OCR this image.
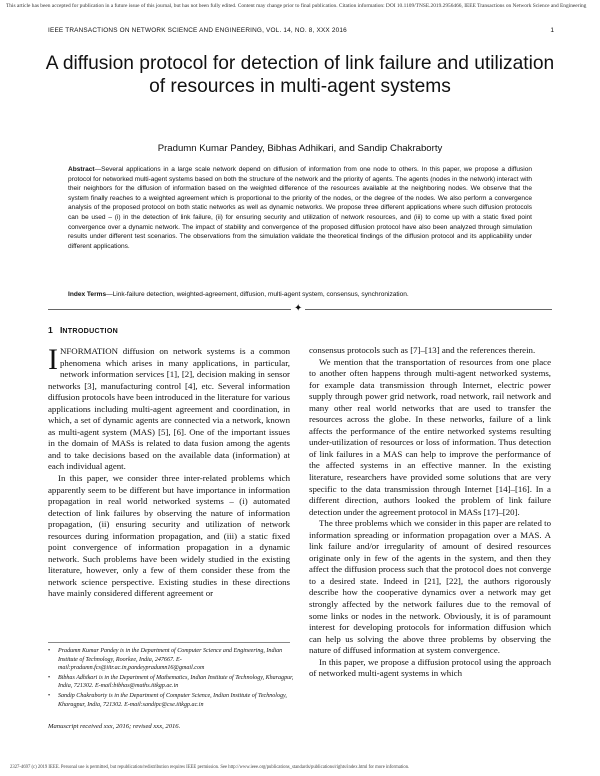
This article has been accepted for publication in a future issue of this journal, but has not been fully edited. Content may change prior to final publication. Citation information: DOI 10.1109/TNSE.2019.2956466, IEEE Transactions on Network Science and Engineering
IEEE TRANSACTIONS ON NETWORK SCIENCE AND ENGINEERING, VOL. 14, NO. 8, XXX 2016	1
A diffusion protocol for detection of link failure and utilization of resources in multi-agent systems
Pradumn Kumar Pandey, Bibhas Adhikari, and Sandip Chakraborty
Abstract—Several applications in a large scale network depend on diffusion of information from one node to others. In this paper, we propose a diffusion protocol for networked multi-agent systems based on both the structure of the network and the priority of agents. The agents (nodes in the network) interact with their neighbors for the diffusion of information based on the weighted difference of the resources available at the neighboring nodes. We observe that the system finally reaches to a weighted agreement which is proportional to the priority of the nodes, or the degree of the nodes. We also perform a convergence analysis of the proposed protocol on both static networks as well as dynamic networks. We propose three different applications where such diffusion protocols can be used – (i) in the detection of link failure, (ii) for ensuring security and utilization of network resources, and (iii) to come up with a static fixed point convergence over a dynamic network. The impact of stability and convergence of the proposed diffusion protocol have also been analyzed through simulation results under different test scenarios. The observations from the simulation validate the theoretical findings of the diffusion protocol and its applicability under different applications.
Index Terms—Link-failure detection, weighted-agreement, diffusion, multi-agent system, consensus, synchronization.
✦
1 INTRODUCTION

INFORMATION diffusion on network systems is a common phenomena which arises in many applications, in particular, network information services [1], [2], decision making in sensor networks [3], manufacturing control [4], etc. Several information diffusion protocols have been introduced in the literature for various applications including multi-agent agreement and coordination, in which, a set of dynamic agents are connected via a network, known as multi-agent system (MAS) [5], [6]. One of the important issues in the domain of MASs is related to data fusion among the agents and to take decisions based on the available data (information) at each individual agent.

In this paper, we consider three inter-related problems which apparently seem to be different but have importance in information propagation in real world networked systems – (i) automated detection of link failures by observing the nature of information propagation, (ii) ensuring security and utilization of network resources during information propagation, and (iii) a static fixed point convergence of information propagation in a dynamic network. Such problems have been widely studied in the existing literature, however, only a few of them consider these from the network science perspective. Existing studies in these directions have mainly considered different agreement or

consensus protocols such as [7]–[13] and the references therein.

We mention that the transportation of resources from one place to another often happens through multi-agent networked systems, for example data transmission through Internet, electric power supply through power grid network, road network, rail network and many other real world networks that are used to transfer the resources across the globe. In these networks, failure of a link affects the performance of the entire networked systems resulting under-utilization of resources or loss of information. Thus detection of link failures in a MAS can help to improve the performance of the affected systems in an effective manner. In the existing literature, researchers have provided some solutions that are very specific to the data transmission through Internet [14]–[16]. In a different direction, authors looked the problem of link failure detection under the agreement protocol in MASs [17]–[20].

The three problems which we consider in this paper are related to information spreading or information propagation over a MAS. A link failure and/or irregularity of amount of desired resources originate only in few of the agents in the system, and then they affect the diffusion process such that the protocol does not converge to a desired state. Indeed in [21], [22], the authors rigorously describe how the cooperative dynamics over a network may get strongly affected by the network failures due to the removal of some links or nodes in the network. Obviously, it is of paramount interest for developing protocols for information diffusion which can help us solving the above three problems by observing the nature of diffused information at system convergence.

In this paper, we propose a diffusion protocol using the approach of networked multi-agent systems in which

• Pradumn Kumar Pandey is in the Department of Computer Science and Engineering, Indian Institute of Technology, Roorkee, India, 247667. E-mail:pradumn.fcs@iitr.ac.in,pandeypradumn16@gmail.com
• Bibhas Adhikari is in the Department of Mathematics, Indian Institute of Technology, Kharagpur, India, 721302. E-mail:bibhas@maths.iitkgp.ac.in
• Sandip Chakraborty is in the Department of Computer Science, Indian Institute of Technology, Kharagpur, India, 721302. E-mail:sandipc@cse.iitkgp.ac.in
Manuscript received xxx, 2016; revised xxx, 2016.
2327-4697 (c) 2019 IEEE. Personal use is permitted, but republication/redistribution requires IEEE permission. See http://www.ieee.org/publications_standards/publications/rights/index.html for more information.
